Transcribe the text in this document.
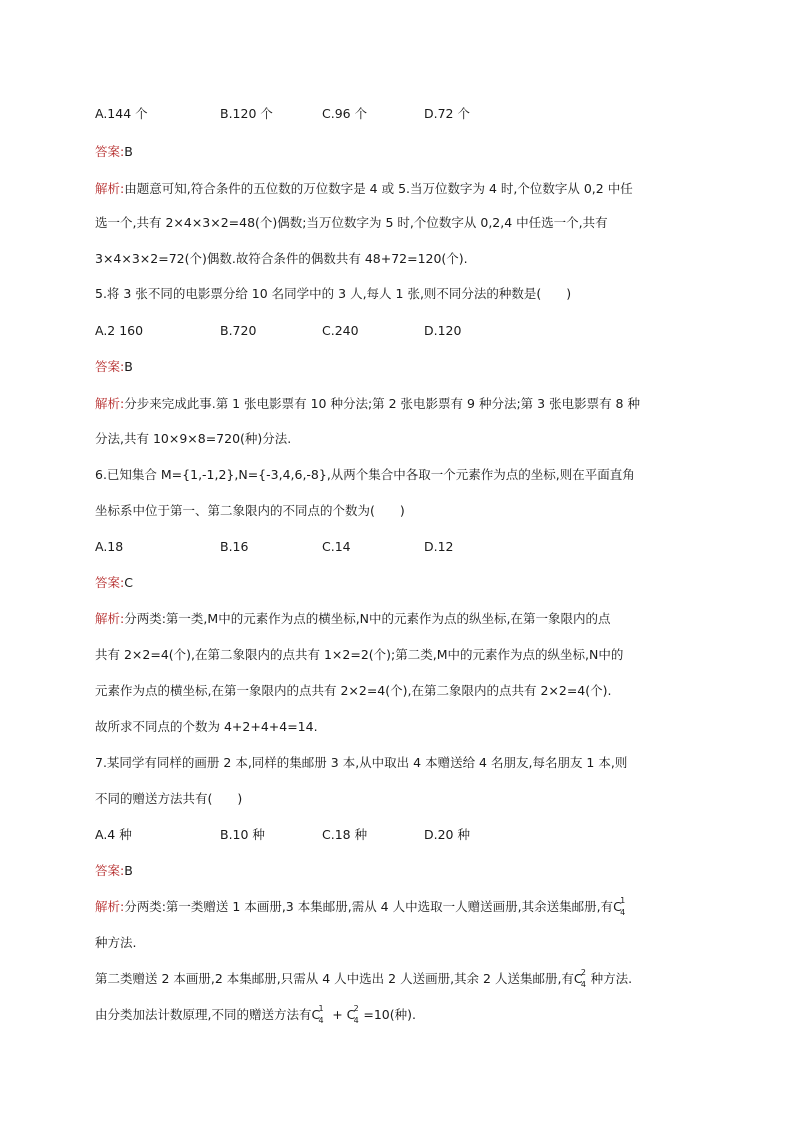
A.144 个	B.120 个	C.96 个	D.72 个
答案:B
解析:由题意可知,符合条件的五位数的万位数字是 4 或 5.当万位数字为 4 时,个位数字从 0,2 中任
选一个,共有 2×4×3×2=48(个)偶数;当万位数字为 5 时,个位数字从 0,2,4 中任选一个,共有
3×4×3×2=72(个)偶数.故符合条件的偶数共有 48+72=120(个).
5.将 3 张不同的电影票分给 10 名同学中的 3 人,每人 1 张,则不同分法的种数是(　　)
A.2 160	B.720	C.240	D.120
答案:B
解析:分步来完成此事.第 1 张电影票有 10 种分法;第 2 张电影票有 9 种分法;第 3 张电影票有 8 种
分法,共有 10×9×8=720(种)分法.
6.已知集合 M={1,-1,2},N={-3,4,6,-8},从两个集合中各取一个元素作为点的坐标,则在平面直角
坐标系中位于第一、第二象限内的不同点的个数为(　　)
A.18	B.16	C.14	D.12
答案:C
解析:分两类:第一类,M中的元素作为点的横坐标,N中的元素作为点的纵坐标,在第一象限内的点
共有 2×2=4(个),在第二象限内的点共有 1×2=2(个);第二类,M中的元素作为点的纵坐标,N中的
元素作为点的横坐标,在第一象限内的点共有 2×2=4(个),在第二象限内的点共有 2×2=4(个).
故所求不同点的个数为 4+2+4+4=14.
7.某同学有同样的画册 2 本,同样的集邮册 3 本,从中取出 4 本赠送给 4 名朋友,每名朋友 1 本,则
不同的赠送方法共有(　　)
A.4 种	B.10 种	C.18 种	D.20 种
答案:B
解析:分两类:第一类赠送 1 本画册,3 本集邮册,需从 4 人中选取一人赠送画册,其余送集邮册,有C
1
4
种方法.
第二类赠送 2 本画册,2 本集邮册,只需从 4 人中选出 2 人送画册,其余 2 人送集邮册,有C
2
4 种方法.
由分类加法计数原理,不同的赠送方法有C
1
4 + C
2
4 =10(种).
